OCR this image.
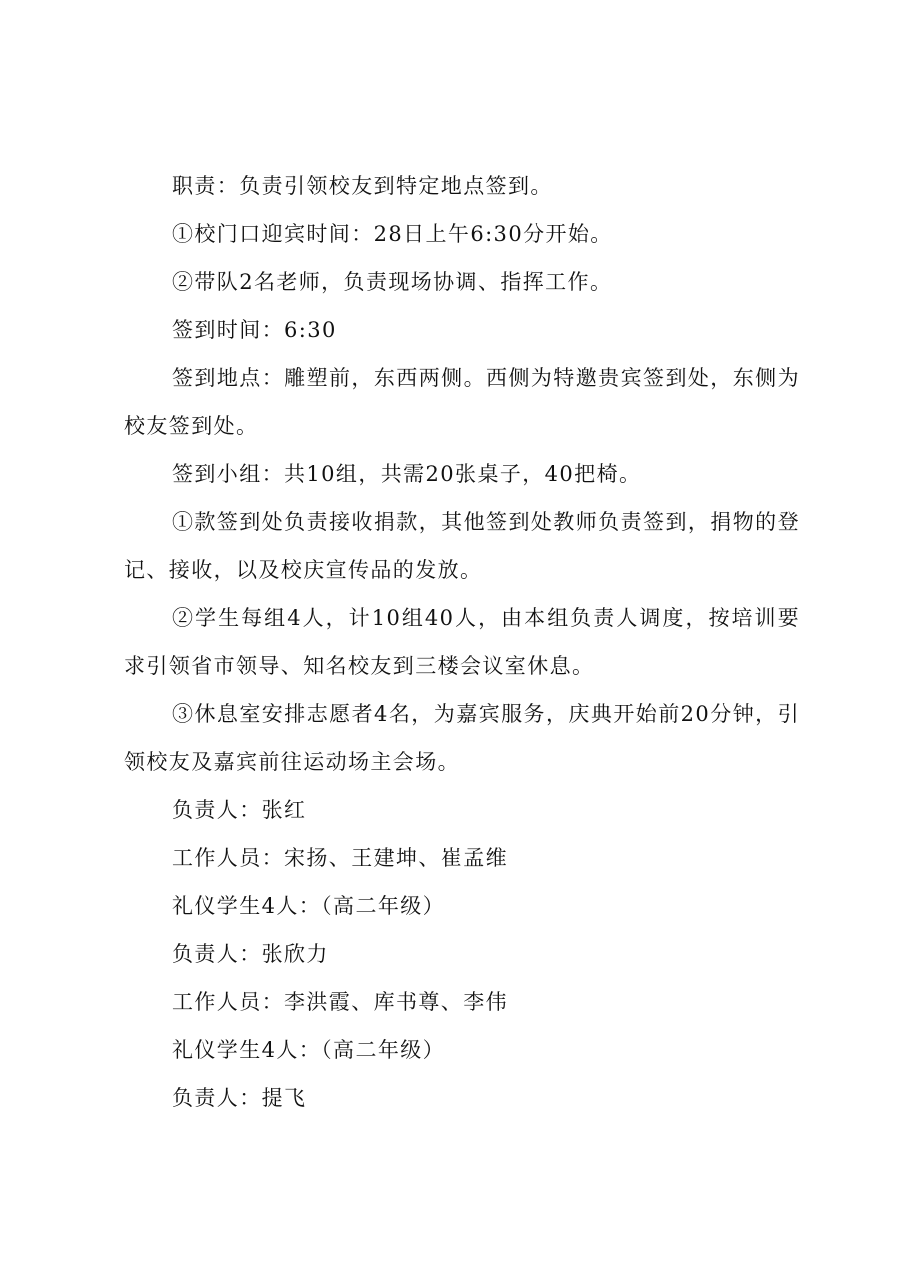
职责：负责引领校友到特定地点签到。

①校门口迎宾时间：28日上午6:30分开始。

②带队2名老师，负责现场协调、指挥工作。

签到时间：6:30

签到地点：雕塑前，东西两侧。西侧为特邀贵宾签到处，东侧为校友签到处。

签到小组：共10组，共需20张桌子，40把椅。

①款签到处负责接收捐款，其他签到处教师负责签到，捐物的登记、接收，以及校庆宣传品的发放。

②学生每组4人，计10组40人，由本组负责人调度，按培训要求引领省市领导、知名校友到三楼会议室休息。

③休息室安排志愿者4名，为嘉宾服务，庆典开始前20分钟，引领校友及嘉宾前往运动场主会场。

负责人：张红

工作人员：宋扬、王建坤、崔孟维

礼仪学生4人：（高二年级）

负责人：张欣力

工作人员：李洪霞、库书尊、李伟

礼仪学生4人：（高二年级）

负责人：提飞
